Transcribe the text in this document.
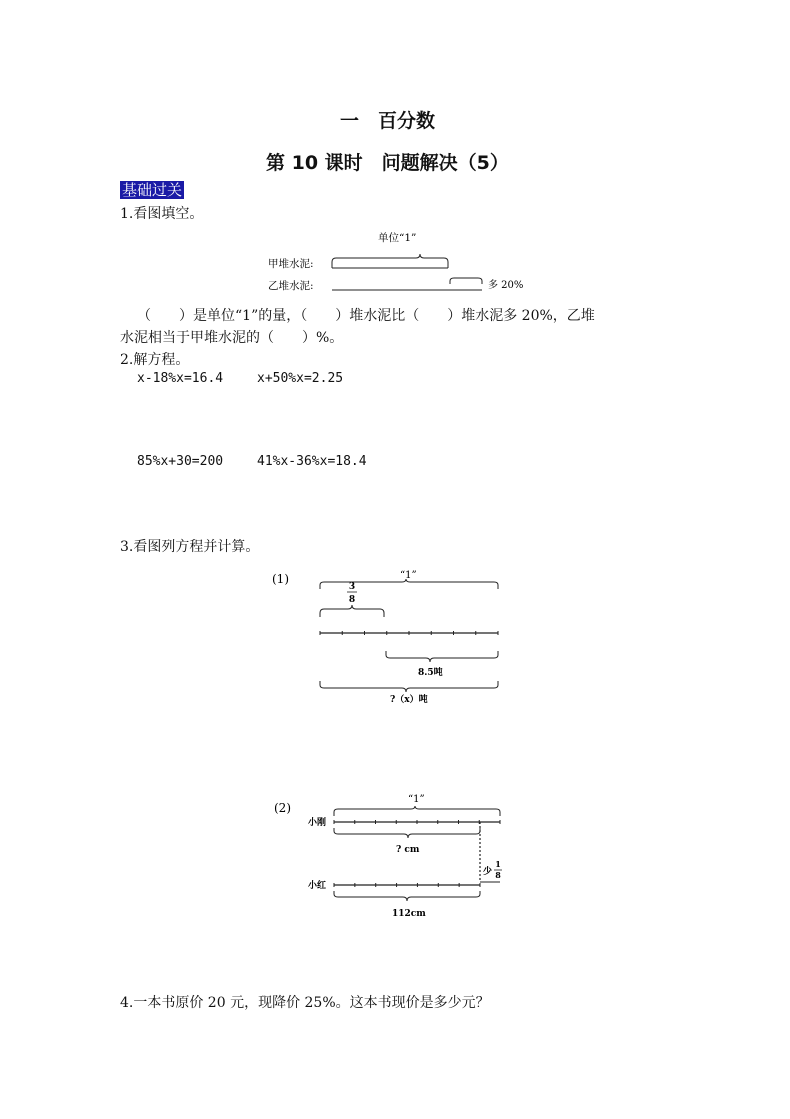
一　百分数
第 10 课时　问题解决（5）
基础过关
1.看图填空。
单位“1”
甲堆水泥:
乙堆水泥:	多 20%
（　　）是单位“1”的量，（　　）堆水泥比（　　）堆水泥多 20%，乙堆
水泥相当于甲堆水泥的（　　）%。
2.解方程。
x-18%x=16.4	x+50%x=2.25
85%x+30=200	41%x-36%x=18.4
3.看图列方程并计算。
(1)	“1”
3
8
8.5吨
?（x）吨
(2)
“1”
小刚
? cm
少
1
8
小红
112cm
4.一本书原价 20 元，现降价 25%。这本书现价是多少元？
